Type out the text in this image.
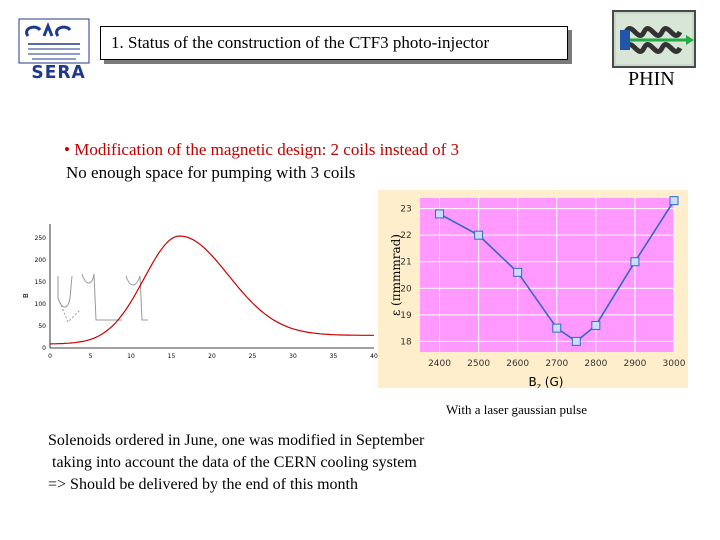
SERA
1. Status of the construction of the CTF3 photo-injector
PHIN
• Modification of the magnetic design: 2 coils instead of 3
No enough space for pumping with 3 coils
0	5	10	15	20	25	30	35	40
0
50
100
150
200
250
B
18
19
20
21
22
23
2400 2500 2600 2700 2800 2900 3000
ε (πmmmrad)
$B_z$ (G)
With a laser gaussian pulse
Solenoids ordered in June, one was modified in September
taking into account the data of the CERN cooling system
=> Should be delivered by the end of this month
